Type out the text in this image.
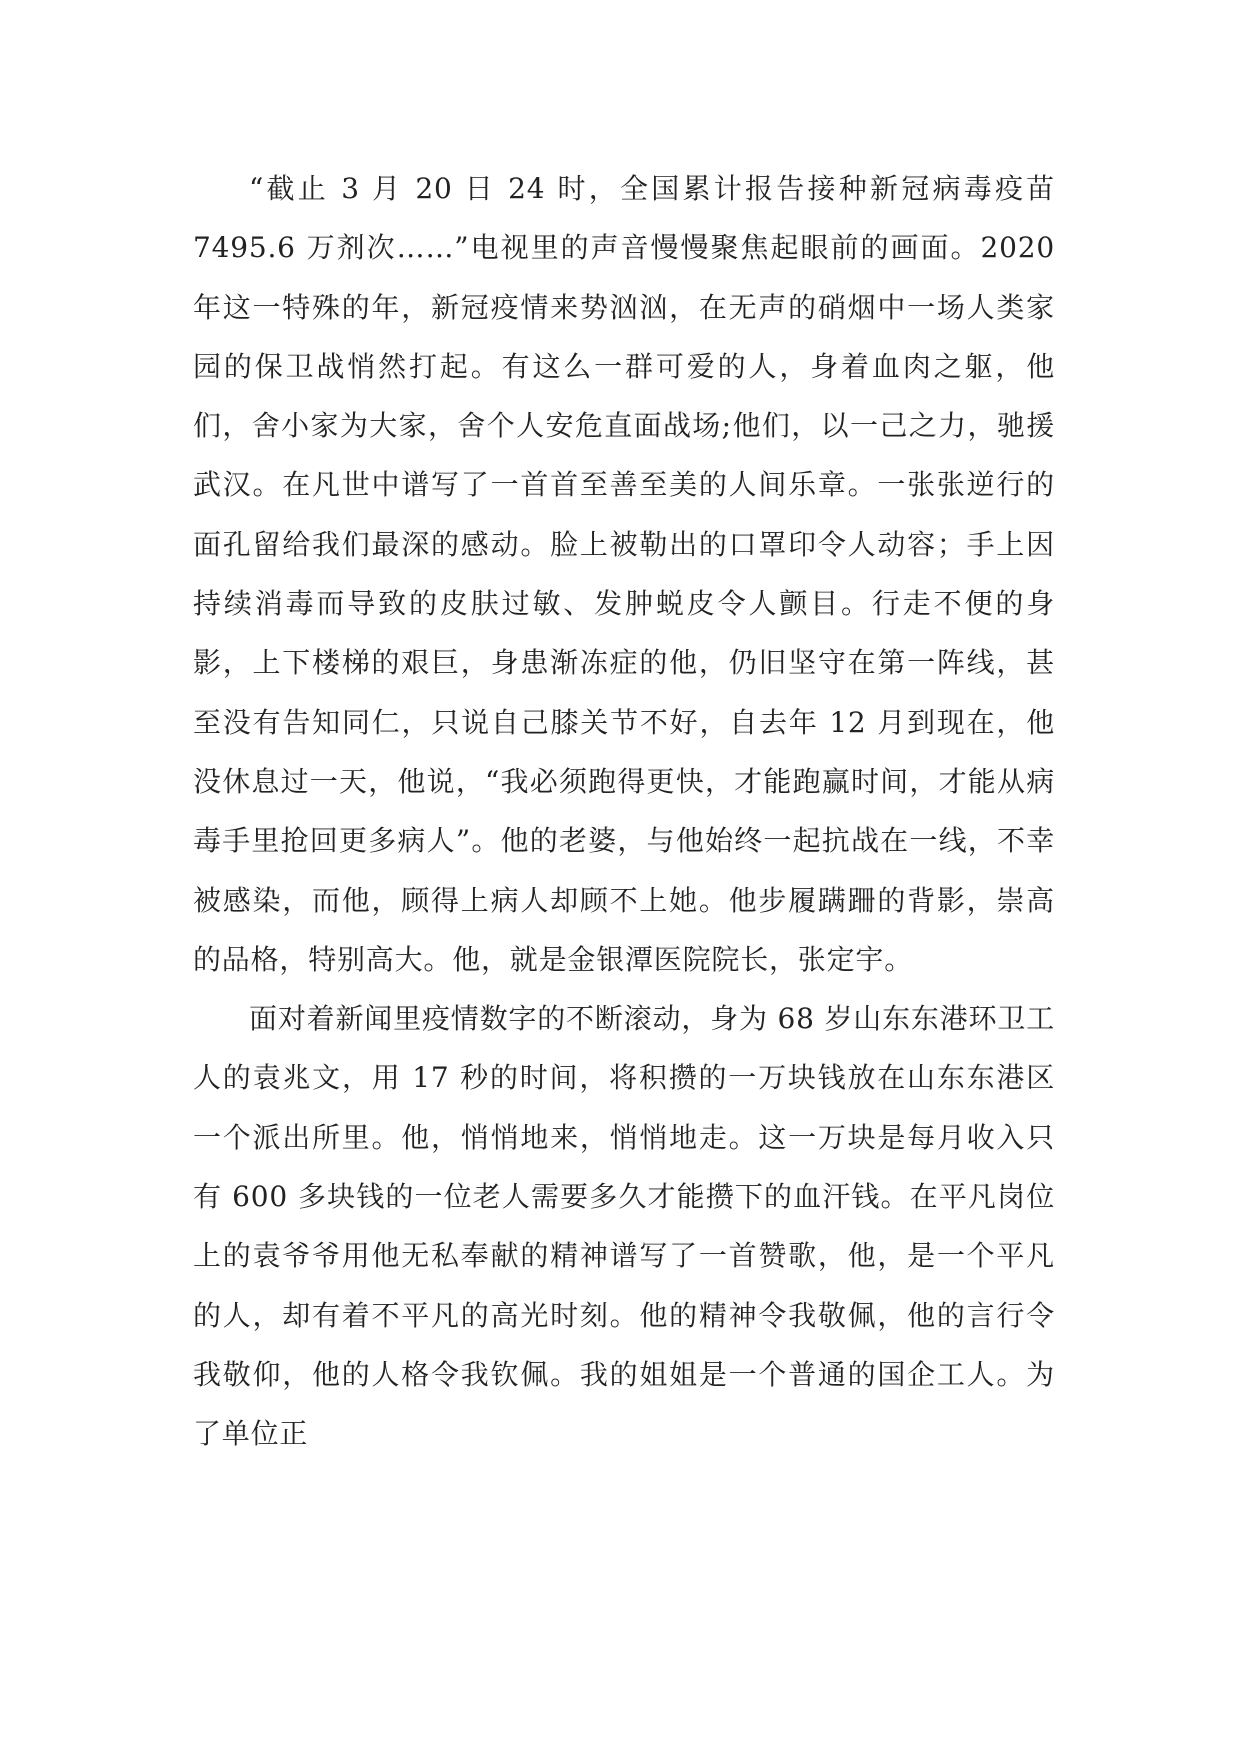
“截止 3 月 20 日 24 时，全国累计报告接种新冠病毒疫苗 7495.6 万剂次……”电视里的声音慢慢聚焦起眼前的画面。2020 年这一特殊的年，新冠疫情来势汹汹，在无声的硝烟中一场人类家园的保卫战悄然打起。有这么一群可爱的人，身着血肉之躯，他们，舍小家为大家，舍个人安危直面战场;他们，以一己之力，驰援武汉。在凡世中谱写了一首首至善至美的人间乐章。一张张逆行的面孔留给我们最深的感动。脸上被勒出的口罩印令人动容；手上因持续消毒而导致的皮肤过敏、发肿蜕皮令人颤目。行走不便的身影，上下楼梯的艰巨，身患渐冻症的他，仍旧坚守在第一阵线，甚至没有告知同仁，只说自己膝关节不好，自去年 12 月到现在，他没休息过一天，他说，“我必须跑得更快，才能跑赢时间，才能从病毒手里抢回更多病人”。他的老婆，与他始终一起抗战在一线，不幸被感染，而他，顾得上病人却顾不上她。他步履蹒跚的背影，崇高的品格，特别高大。他，就是金银潭医院院长，张定宇。

面对着新闻里疫情数字的不断滚动，身为 68 岁山东东港环卫工人的袁兆文，用 17 秒的时间，将积攒的一万块钱放在山东东港区一个派出所里。他，悄悄地来，悄悄地走。这一万块是每月收入只有 600 多块钱的一位老人需要多久才能攒下的血汗钱。在平凡岗位上的袁爷爷用他无私奉献的精神谱写了一首赞歌，他，是一个平凡的人，却有着不平凡的高光时刻。他的精神令我敬佩，他的言行令我敬仰，他的人格令我钦佩。我的姐姐是一个普通的国企工人。为了单位正
